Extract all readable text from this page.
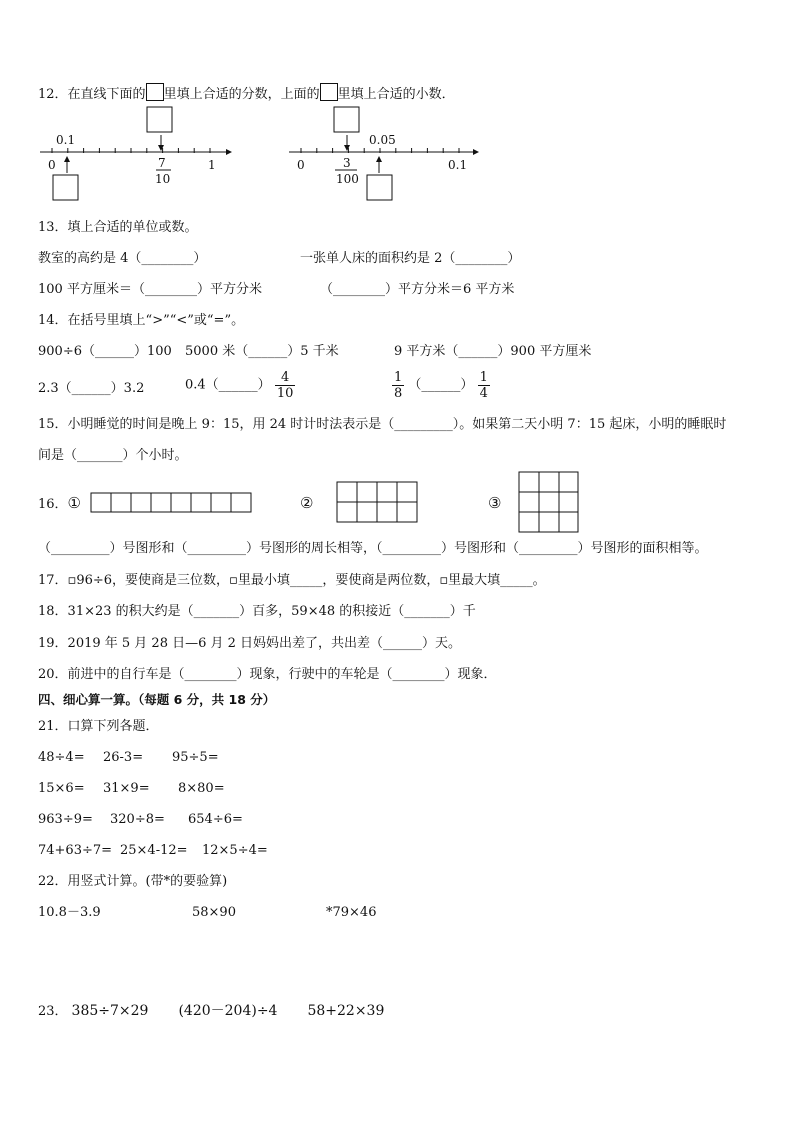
12．在直线下面的 里填上合适的分数，上面的 里填上合适的小数．
0.1
0	7
10
1
0.05
0	3
100
0.1
13．填上合适的单位或数。
教室的高约是 4（________）	一张单人床的面积约是 2（________）
100 平方厘米＝（________）平方分米	（________）平方分米＝6 平方米
14．在括号里填上“>”“<”或“=”。
900÷6（______）100 5000 米（______）5 千米	9 平方米（______）900 平方厘米
2.3（______）3.2	0.4（______） $\frac{4}{10}$	$\frac{1}{8}$ （______） $\frac{1}{4}$
15．小明睡觉的时间是晚上 9：15，用 24 时计时法表示是（_________）。如果第二天小明 7：15 起床，小明的睡眠时
间是（_______）个小时。
16．①	②	③
（_________）号图形和（_________）号图形的周长相等，（_________）号图形和（_________）号图形的面积相等。
17．▫96÷6，要使商是三位数，▫里最小填_____，要使商是两位数，▫里最大填_____。
18．31×23 的积大约是（_______）百多，59×48 的积接近（_______）千
19．2019 年 5 月 28 日—6 月 2 日妈妈出差了，共出差（______）天。
20．前进中的自行车是（________）现象，行驶中的车轮是（________）现象．
四、细心算一算。（每题 6 分，共 18 分）
21．口算下列各题．
48÷4= 26-3= 95÷5=
15×6= 31×9= 8×80=
963÷9= 320÷8= 654÷6=
74+63÷7= 25×4-12= 12×5÷4=
22．用竖式计算。(带*的要验算)
10.8－3.9	58×90	*79×46
23． 385÷7×29 (420－204)÷4 58+22×39
